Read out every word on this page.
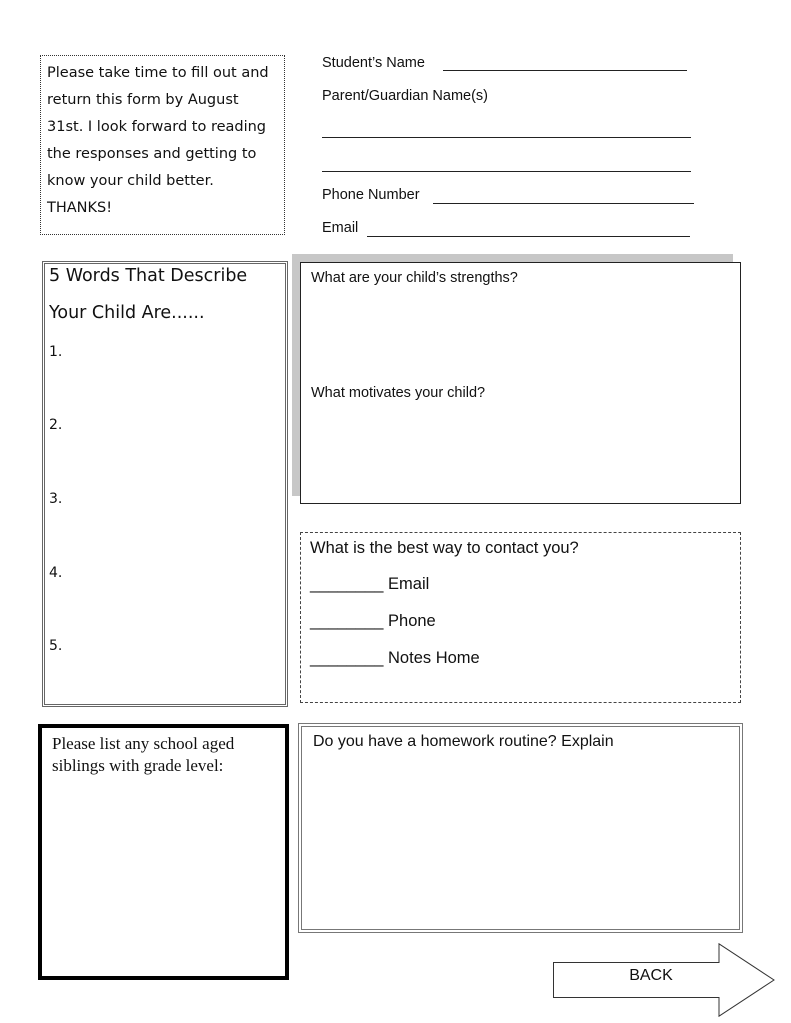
Please take time to fill out and return this form by August 31st. I look forward to reading the responses and getting to know your child better. THANKS!
Student’s Name
Parent/Guardian Name(s)
Phone Number
Email
5 Words That Describe
Your Child Are......
1.
2.
3.
4.
5.
What are your child’s strengths?
What motivates your child?
What is the best way to contact you?
________ Email
________ Phone
________ Notes Home
Please list any school aged siblings with grade level:
Do you have a homework routine? Explain
BACK
